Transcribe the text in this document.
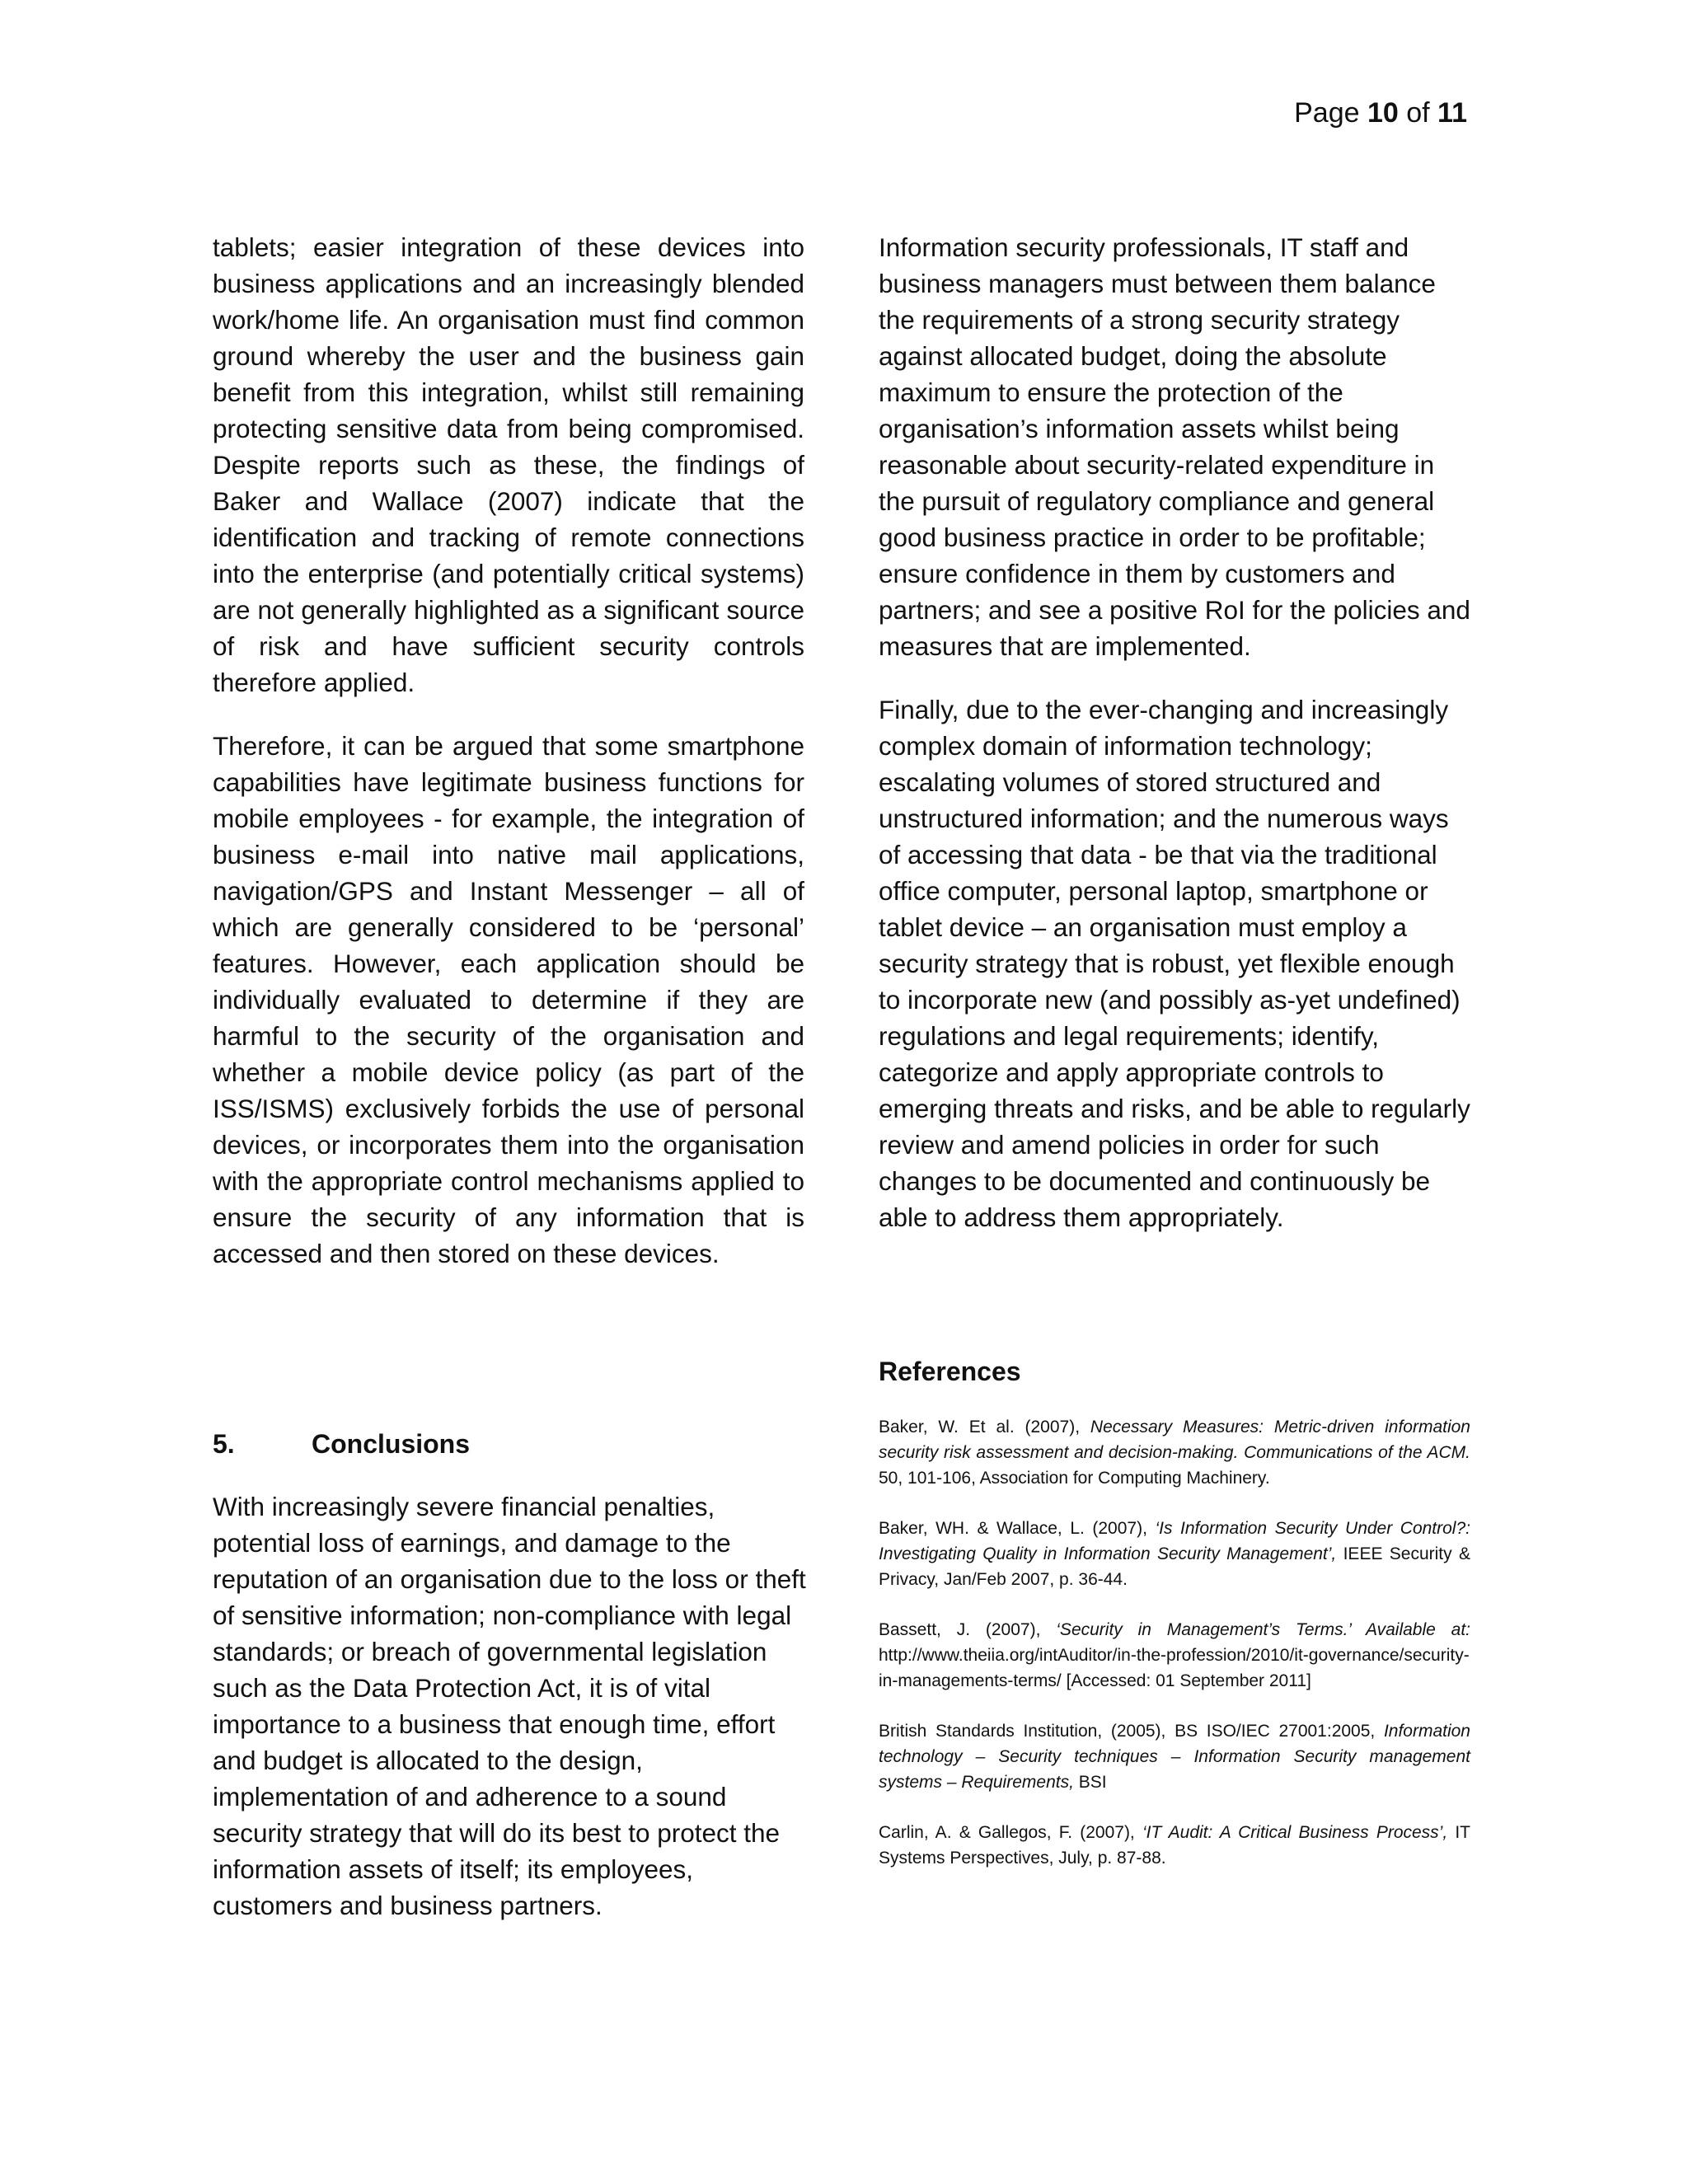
Page 10 of 11

tablets; easier integration of these devices into business applications and an increasingly blended work/home life. An organisation must find common ground whereby the user and the business gain benefit from this integration, whilst still remaining protecting sensitive data from being compromised. Despite reports such as these, the findings of Baker and Wallace (2007) indicate that the identification and tracking of remote connections into the enterprise (and potentially critical systems) are not generally highlighted as a significant source of risk and have sufficient security controls therefore applied.

Therefore, it can be argued that some smartphone capabilities have legitimate business functions for mobile employees - for example, the integration of business e-mail into native mail applications, navigation/GPS and Instant Messenger – all of which are generally considered to be ‘personal’ features. However, each application should be individually evaluated to determine if they are harmful to the security of the organisation and whether a mobile device policy (as part of the ISS/ISMS) exclusively forbids the use of personal devices, or incorporates them into the organisation with the appropriate control mechanisms applied to ensure the security of any information that is accessed and then stored on these devices.

5.	Conclusions

With increasingly severe financial penalties, potential loss of earnings, and damage to the reputation of an organisation due to the loss or theft of sensitive information; non-compliance with legal standards; or breach of governmental legislation such as the Data Protection Act, it is of vital importance to a business that enough time, effort and budget is allocated to the design, implementation of and adherence to a sound security strategy that will do its best to protect the information assets of itself; its employees, customers and business partners.

Information security professionals, IT staff and business managers must between them balance the requirements of a strong security strategy against allocated budget, doing the absolute maximum to ensure the protection of the organisation’s information assets whilst being reasonable about security-related expenditure in the pursuit of regulatory compliance and general good business practice in order to be profitable; ensure confidence in them by customers and partners; and see a positive RoI for the policies and measures that are implemented.

Finally, due to the ever-changing and increasingly complex domain of information technology; escalating volumes of stored structured and unstructured information; and the numerous ways of accessing that data - be that via the traditional office computer, personal laptop, smartphone or tablet device – an organisation must employ a security strategy that is robust, yet flexible enough to incorporate new (and possibly as-yet undefined) regulations and legal requirements; identify, categorize and apply appropriate controls to emerging threats and risks, and be able to regularly review and amend policies in order for such changes to be documented and continuously be able to address them appropriately.

References

Baker, W. Et al. (2007), Necessary Measures: Metric-driven information security risk assessment and decision-making. Communications of the ACM. 50, 101-106, Association for Computing Machinery.

Baker, WH. & Wallace, L. (2007), ‘Is Information Security Under Control?: Investigating Quality in Information Security Management’, IEEE Security & Privacy, Jan/Feb 2007, p. 36-44.

Bassett, J. (2007), ‘Security in Management’s Terms.’ Available at: http://www.theiia.org/intAuditor/in-the-profession/2010/it-governance/security-in-managements-terms/ [Accessed: 01 September 2011]

British Standards Institution, (2005), BS ISO/IEC 27001:2005, Information technology – Security techniques – Information Security management systems – Requirements, BSI

Carlin, A. & Gallegos, F. (2007), ‘IT Audit: A Critical Business Process’, IT Systems Perspectives, July, p. 87-88.
